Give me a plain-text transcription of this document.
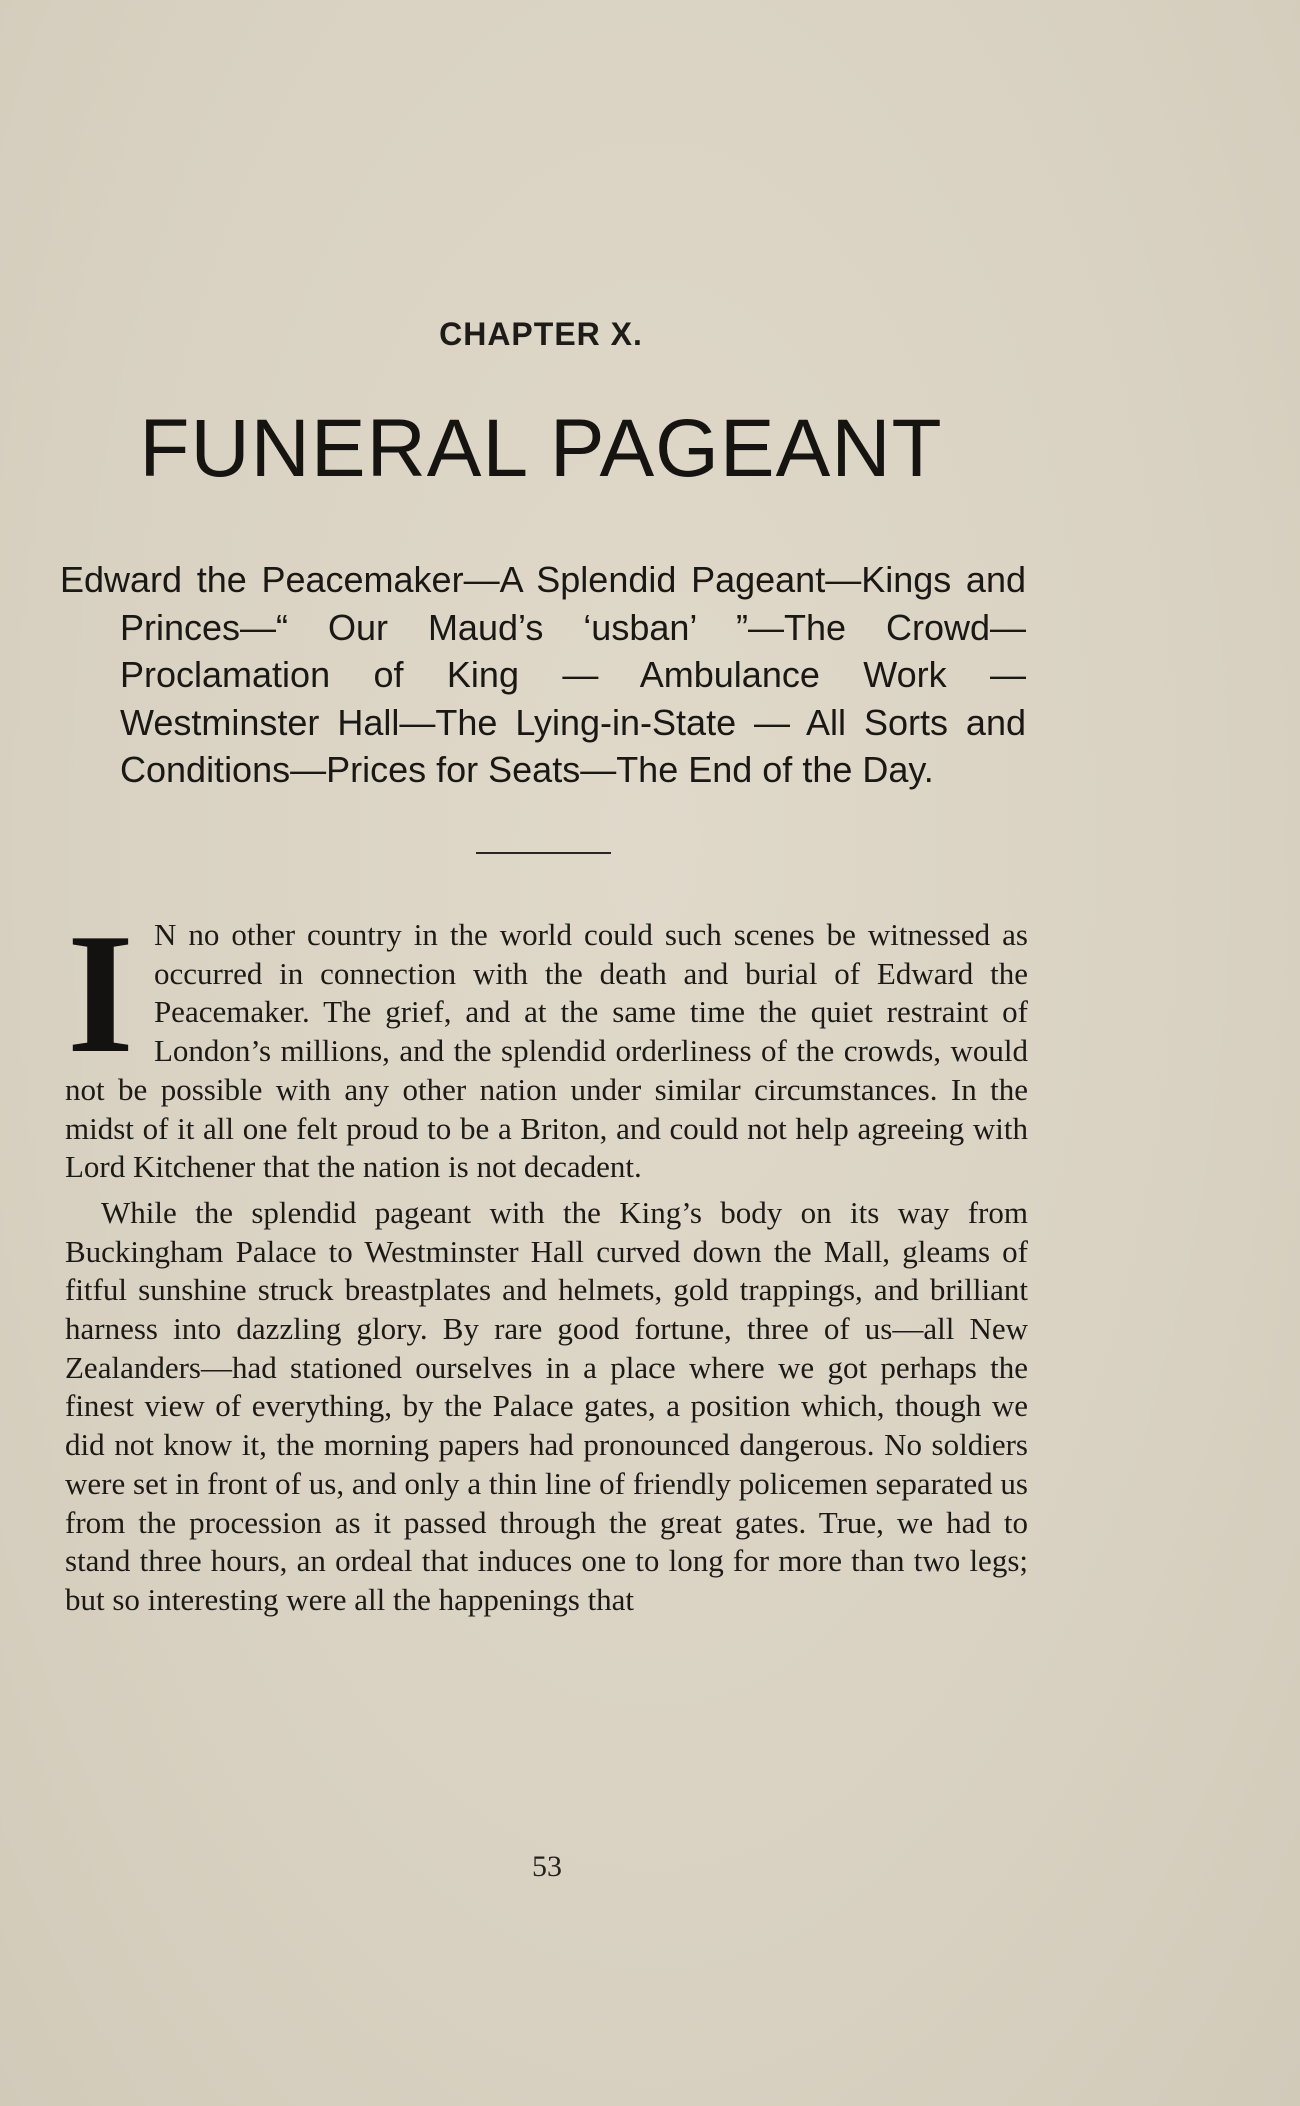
CHAPTER X.
FUNERAL PAGEANT
Edward the Peacemaker—A Splendid Pageant—Kings and Princes—“ Our Maud’s ‘usban’ ”—The Crowd—Proclamation of King — Ambulance Work — Westminster Hall—The Lying-in-State — All Sorts and Conditions—Prices for Seats—The End of the Day.

I N no other country in the world could such scenes be witnessed as occurred in connection with the death and burial of Edward the Peacemaker. The grief, and at the same time the quiet restraint of London’s millions, and the splendid orderliness of the crowds, would not be possible with any other nation under similar circumstances. In the midst of it all one felt proud to be a Briton, and could not help agreeing with Lord Kitchener that the nation is not decadent.

While the splendid pageant with the King’s body on its way from Buckingham Palace to Westminster Hall curved down the Mall, gleams of fitful sunshine struck breastplates and helmets, gold trappings, and brilliant harness into dazzling glory. By rare good fortune, three of us—all New Zealanders—had stationed ourselves in a place where we got perhaps the finest view of everything, by the Palace gates, a position which, though we did not know it, the morning papers had pronounced dangerous. No soldiers were set in front of us, and only a thin line of friendly policemen separated us from the procession as it passed through the great gates. True, we had to stand three hours, an ordeal that induces one to long for more than two legs; but so interesting were all the happenings that

53
